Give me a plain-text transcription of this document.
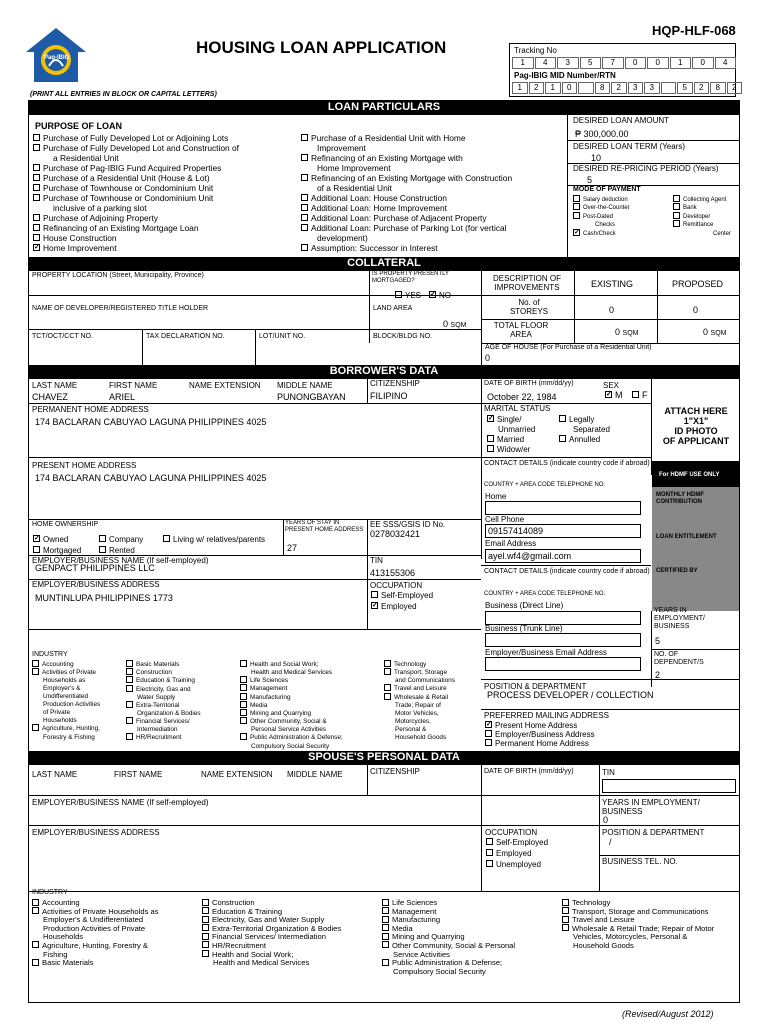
Pag-IBIG
HOUSING LOAN APPLICATION
HQP-HLF-068
(PRINT ALL ENTRIES IN BLOCK OR CAPITAL LETTERS)
Tracking No
1	4	3	5	7	0	0	1	0	4
Pag-IBIG MID Number/RTN
1	2	1	0	8	2	3	3	5	2	8	2
LOAN PARTICULARS
PURPOSE OF LOAN
Purchase of Fully Developed Lot or Adjoining Lots
Purchase of Fully Developed Lot and Construction of
a Residential Unit
Purchase of Pag-IBIG Fund Acquired Properties
Purchase of a Residential Unit (House & Lot)
Purchase of Townhouse or Condominium Unit
Purchase of Townhouse or Condominium Unit
inclusive of a parking slot
Purchase of Adjoining Property
Refinancing of an Existing Mortgage Loan
House Construction
✓Home Improvement
Purchase of a Residential Unit with Home
Improvement
Refinancing of an Existing Mortgage with
Home Improvement
Refinancing of an Existing Mortgage with Construction
of a Residential Unit
Additional Loan: House Construction
Additional Loan: Home Improvement
Additional Loan: Purchase of Adjacent Property
Additional Loan: Purchase of Parking Lot (for vertical
development)
Assumption: Successor in Interest
DESIRED LOAN AMOUNT
₱ 300,000.00
DESIRED LOAN TERM (Years)
10
DESIRED RE-PRICING PERIOD (Years)
5
MODE OF PAYMENT
Salary deduction
Over-the-Counter
Post-Dated
Checks
✓Cash/Check
Collecting Agent
Bank
Developer
Remittance
Center
COLLATERAL
PROPERTY LOCATION (Street, Municipality, Province)	IS PROPERTY PRESENTLY
MORTGAGED?
YES
✓	NO
DESCRIPTION OF
IMPROVEMENTS	EXISTING	PROPOSED
NAME OF DEVELOPER/REGISTERED TITLE HOLDER	LAND AREA
0 SQM
No. of
STOREYS	0	0
TOTAL FLOOR
AREA	0 SQM	0 SQM
TCT/OCT/CCT NO.	TAX DECLARATION NO.	LOT/UNIT NO.	BLOCK/BLDG NO.
AGE OF HOUSE (For Purchase of a Residential Unit)
0
BORROWER'S DATA
LAST NAME	FIRST NAME	NAME EXTENSION MIDDLE NAME
CHAVEZ	ARIEL	PUNONGBAYAN
CITIZENSHIP
FILIPINO
DATE OF BIRTH (mm/dd/yy)
October 22, 1984
SEX
✓M	F
PERMANENT HOME ADDRESS
174 BACLARAN CABUYAO LAGUNA PHILIPPINES 4025
MARITAL STATUS
✓Single/
Unmarried
Married
Widow/er
Legally
Separated
Annulled
ATTACH HERE
1"X1"
ID PHOTO
OF APPLICANT
PRESENT HOME ADDRESS
174 BACLARAN CABUYAO LAGUNA PHILIPPINES 4025
CONTACT DETAILS (indicate country code if abroad)
COUNTRY + AREA CODE TELEPHONE NO.
Home
Cell Phone
09157414089
Email Address
ayel.wf4@gmail.com
For HDMF USE ONLY
MONTHLY HDMF CONTRIBUTION
LOAN ENTITLEMENT
CERTIFIED BY
HOME OWNERSHIP
✓Owned	Company	Living w/ relatives/parents
Mortgaged	Rented
YEARS OF STAY IN PRESENT HOME ADDRESS
27
EE SSS/GSIS ID No.
0278032421
EMPLOYER/BUSINESS NAME (If self-employed)
GENPACT PHILIPPINES LLC
TIN
413155306	CONTACT DETAILS (indicate country code if abroad)
COUNTRY + AREA CODE TELEPHONE NO.
Business (Direct Line)
Business (Trunk Line)
Employer/Business Email Address
EMPLOYER/BUSINESS ADDRESS
MUNTINLUPA PHILIPPINES 1773
OCCUPATION
Self-Employed
✓Employed	YEARS IN EMPLOYMENT/ BUSINESS
5
NO. OF DEPENDENT/S
2
INDUSTRY
Accounting
Activities of Private
Households as
Employer's &
Undifferentiated
Production Activities
of Private
Households
Agriculture, Hunting,
Forestry & Fishing
Basic Materials
Construction
Education & Training
Electricity, Gas and
Water Supply
Extra-Territorial
Organization & Bodies
Financial Services/
Intermediation
HR/Recruitment
Health and Social Work;
Health and Medical Services
Life Sciences
Management
Manufacturing
Media
Mining and Quarrying
Other Community, Social &
Personal Service Activities
Public Administration & Defense;
Compulsory Social Security
Technology
Transport, Storage
and Communications
Travel and Leisure
Wholesale & Retail
Trade; Repair of
Motor Vehicles,
Motorcycles,
Personal &
Household Goods
POSITION & DEPARTMENT
PROCESS DEVELOPER / COLLECTION
PREFERRED MAILING ADDRESS
✓Present Home Address
Employer/Business Address
Permanent Home Address
SPOUSE'S PERSONAL DATA
LAST NAME	FIRST NAME	NAME EXTENSION MIDDLE NAME	CITIZENSHIP	DATE OF BIRTH (mm/dd/yy)	TIN
EMPLOYER/BUSINESS NAME (If self-employed)	YEARS IN EMPLOYMENT/ BUSINESS
0
EMPLOYER/BUSINESS ADDRESS	OCCUPATION
Self-Employed
Employed
Unemployed
POSITION & DEPARTMENT
/
BUSINESS TEL. NO.
INDUSTRY
Accounting
Activities of Private Households as
Employer's & Undifferentiated
Production Activities of Private
Households
Agriculture, Hunting, Forestry &
Fishing
Basic Materials
Construction
Education & Training
Electricity, Gas and Water Supply
Extra-Territorial Organization & Bodies
Financial Services/ Intermediation
HR/Recruitment
Health and Social Work;
Health and Medical Services
Life Sciences
Management
Manufacturing
Media
Mining and Quarrying
Other Community, Social & Personal
Service Activities
Public Administration & Defense;
Compulsory Social Security
Technology
Transport, Storage and Communications
Travel and Leisure
Wholesale & Retail Trade; Repair of Motor
Vehicles, Motorcycles, Personal &
Household Goods
(Revised/August 2012)
